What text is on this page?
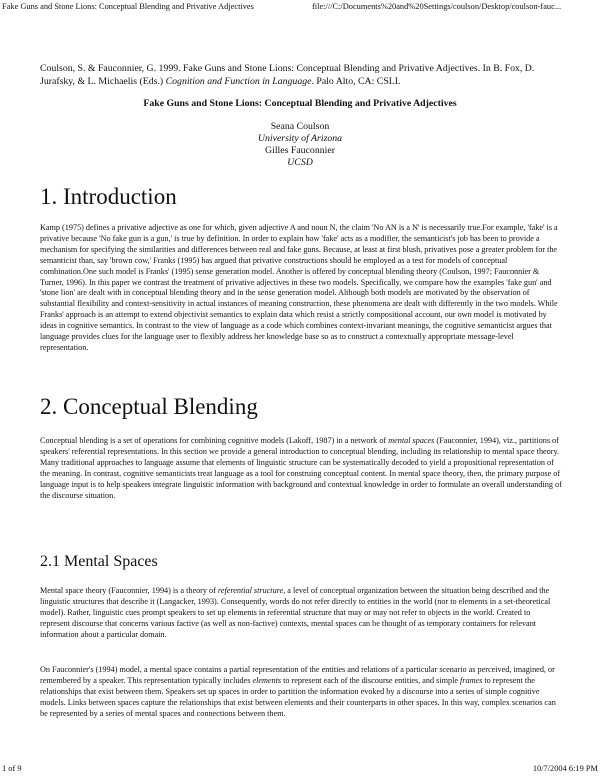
Fake Guns and Stone Lions: Conceptual Blending and Privative Adjectives	file:///C:/Documents%20and%20Settings/coulson/Desktop/coulson-fauc...
Coulson, S. & Fauconnier, G. 1999. Fake Guns and Stone Lions: Conceptual Blending and Privative Adjectives. In B. Fox, D. Jurafsky, & L. Michaelis (Eds.) Cognition and Function in Language. Palo Alto, CA: CSLI.
Fake Guns and Stone Lions: Conceptual Blending and Privative Adjectives
Seana Coulson
University of Arizona
Gilles Fauconnier
UCSD
1. Introduction

Kamp (1975) defines a privative adjective as one for which, given adjective A and noun N, the claim 'No AN is a N' is necessarily true.For example, 'fake' is a privative because 'No fake gun is a gun,' is true by definition. In order to explain how 'fake' acts as a modifier, the semanticist's job has been to provide a mechanism for specifying the similarities and differences between real and fake guns. Because, at least at first blush, privatives pose a greater problem for the semanticist than, say 'brown cow,' Franks (1995) has argued that privative constructions should be employed as a test for models of conceptual combination.One such model is Franks' (1995) sense generation model. Another is offered by conceptual blending theory (Coulson, 1997; Fauconnier & Turner, 1996). In this paper we contrast the treatment of privative adjectives in these two models. Specifically, we compare how the examples 'fake gun' and 'stone lion' are dealt with in conceptual blending theory and in the sense generation model. Although both models are motivated by the observation of substantial flexibility and context-sensitivity in actual instances of meaning construction, these phenomena are dealt with differently in the two models. While Franks' approach is an attempt to extend objectivist semantics to explain data which resist a strictly compositional account, our own model is motivated by ideas in cognitive semantics. In contrast to the view of language as a code which combines context-invariant meanings, the cognitive semanticist argues that language provides clues for the language user to flexibly address her knowledge base so as to construct a contextually appropriate message-level representation.

2. Conceptual Blending

Conceptual blending is a set of operations for combining cognitive models (Lakoff, 1987) in a network of mental spaces (Fauconnier, 1994), viz., partitions of speakers' referential representations. In this section we provide a general introduction to conceptual blending, including its relationship to mental space theory. Many traditional approaches to language assume that elements of linguistic structure can be systematically decoded to yield a propositional representation of the meaning. In contrast, cognitive semanticists treat language as a tool for construing conceptual content. In mental space theory, then, the primary purpose of language input is to help speakers integrate linguistic information with background and contextual knowledge in order to formulate an overall understanding of the discourse situation.

2.1 Mental Spaces

Mental space theory (Fauconnier, 1994) is a theory of referential structure, a level of conceptual organization between the situation being described and the linguistic structures that describe it (Langacker, 1993). Consequently, words do not refer directly to entities in the world (nor to elements in a set-theoretical model). Rather, linguistic cues prompt speakers to set up elements in referential structure that may or may not refer to objects in the world. Created to represent discourse that concerns various factive (as well as non-factive) contexts, mental spaces can be thought of as temporary containers for relevant information about a particular domain.

On Fauconnier's (1994) model, a mental space contains a partial representation of the entities and relations of a particular scenario as perceived, imagined, or remembered by a speaker. This representation typically includes elements to represent each of the discourse entities, and simple frames to represent the relationships that exist between them. Speakers set up spaces in order to partition the information evoked by a discourse into a series of simple cognitive models. Links between spaces capture the relationships that exist between elements and their counterparts in other spaces. In this way, complex scenarios can be represented by a series of mental spaces and connections between them.

1 of 9	10/7/2004 6:19 PM
